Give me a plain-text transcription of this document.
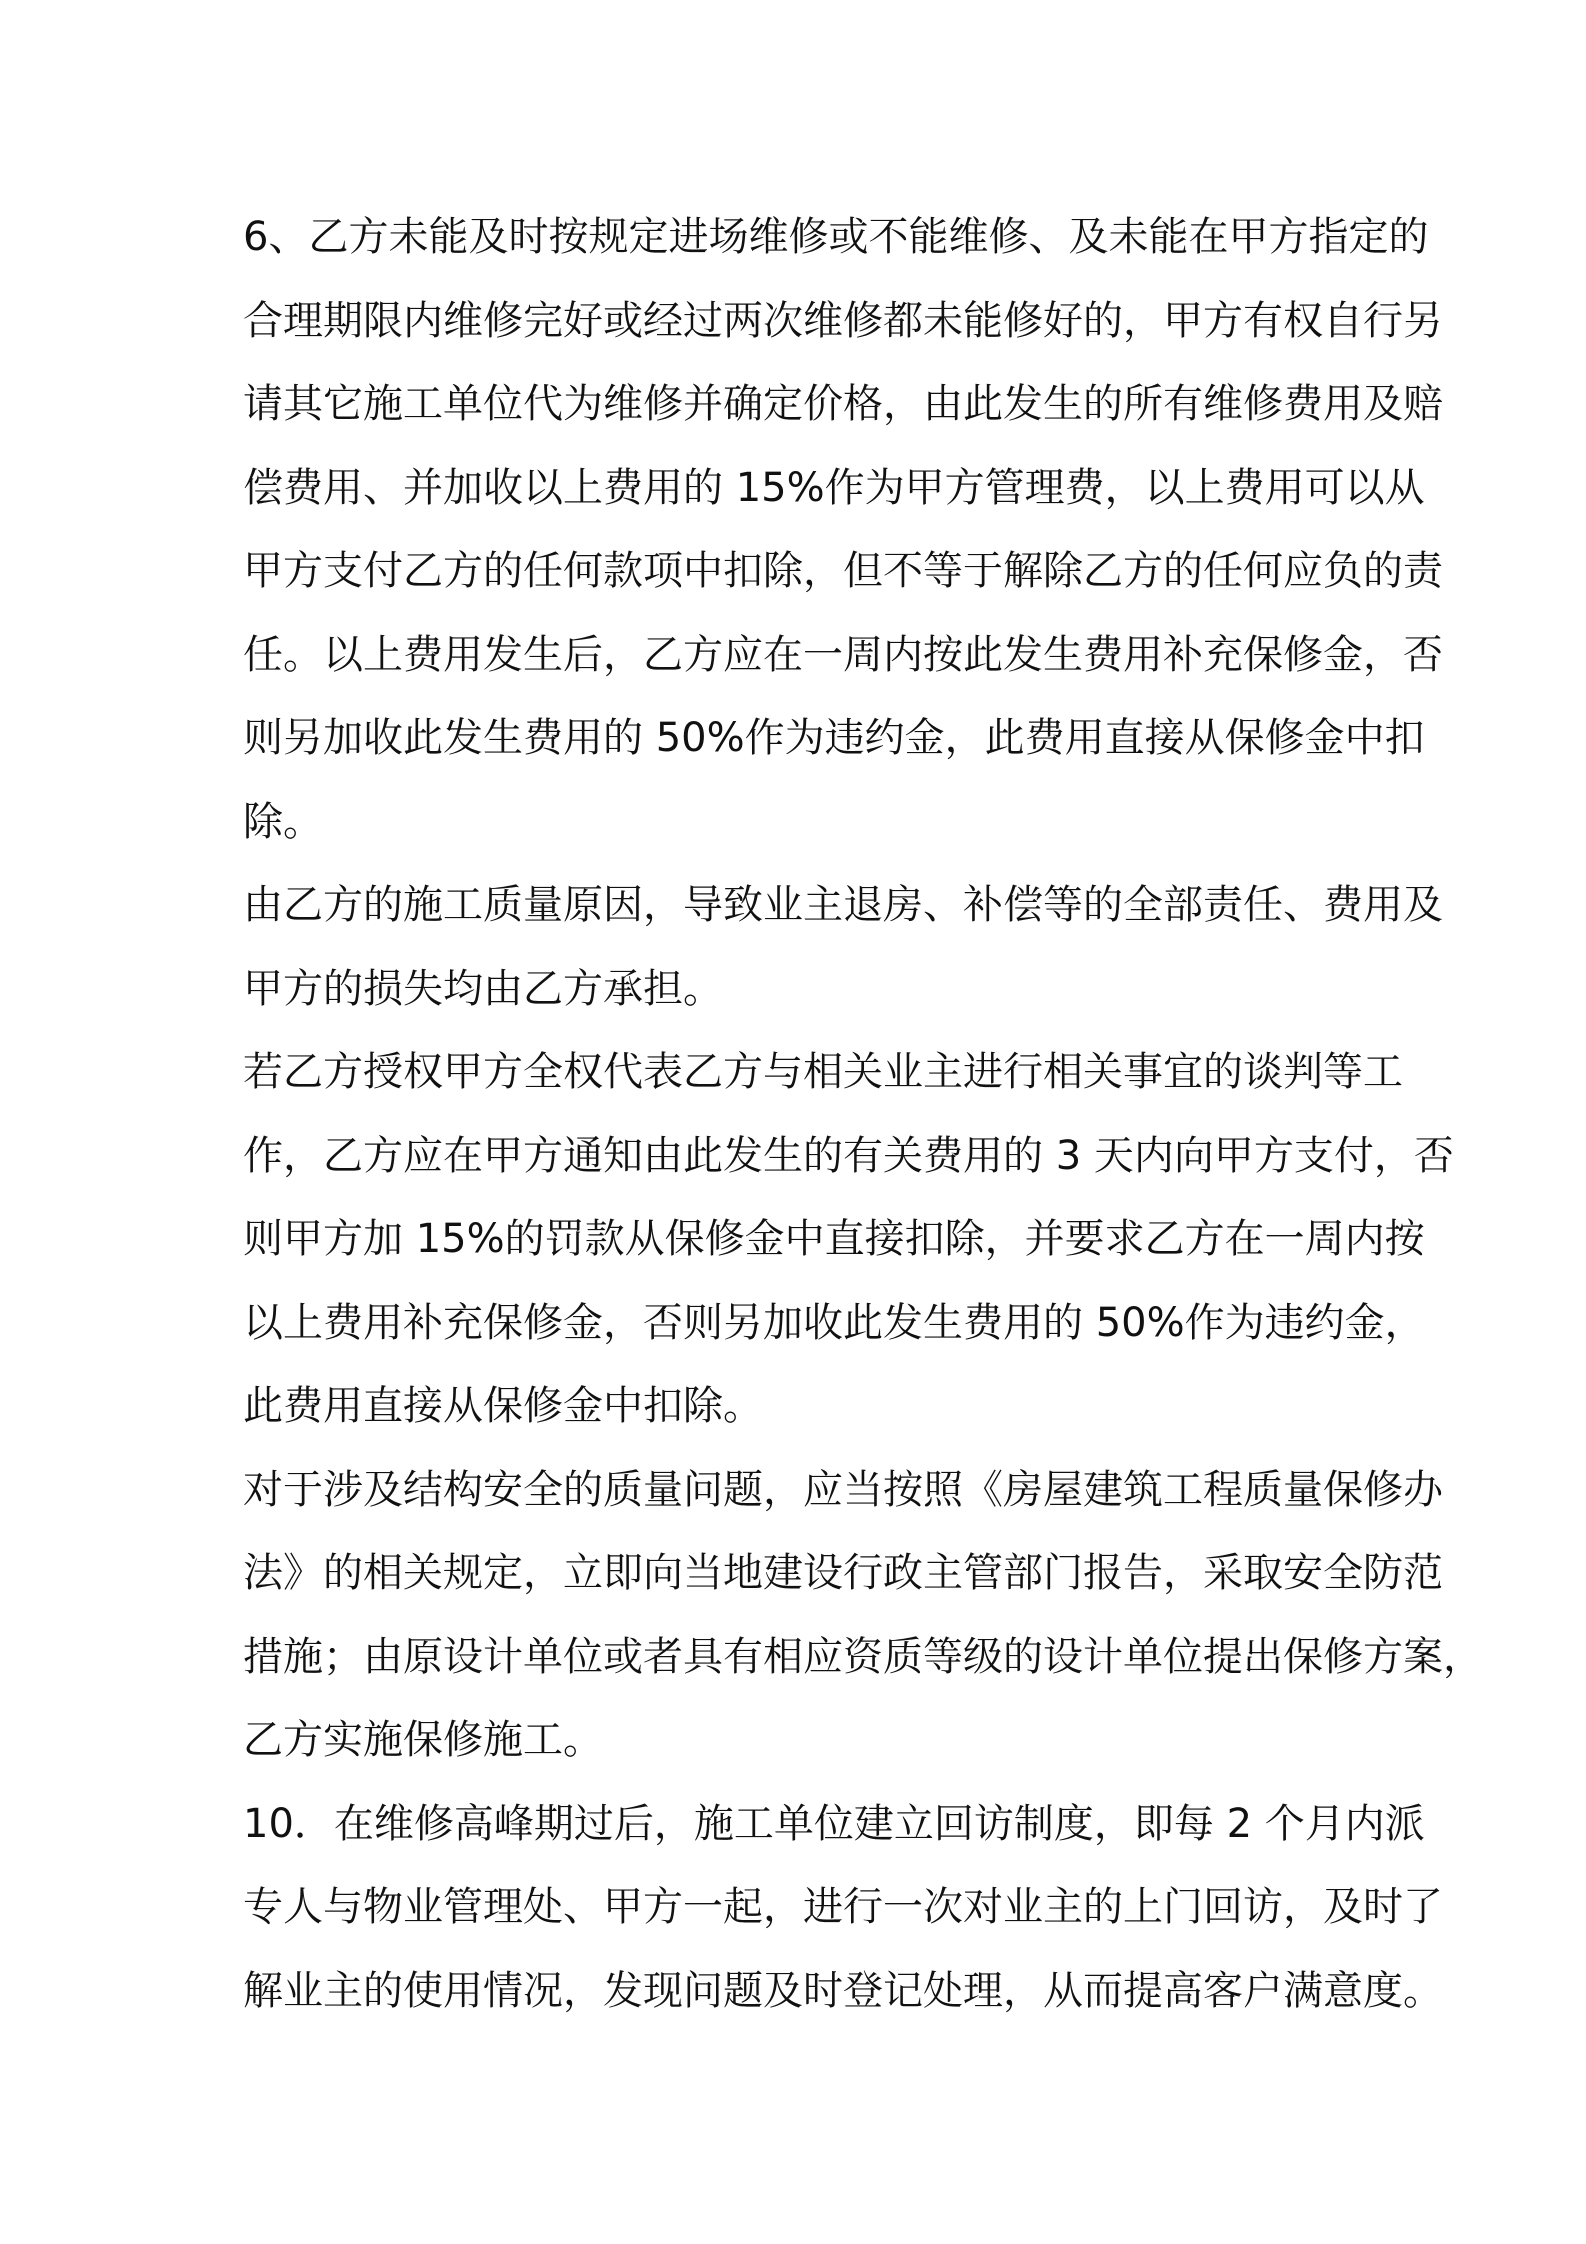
6、乙方未能及时按规定进场维修或不能维修、及未能在甲方指定的
合理期限内维修完好或经过两次维修都未能修好的，甲方有权自行另
请其它施工单位代为维修并确定价格，由此发生的所有维修费用及赔
偿费用、并加收以上费用的 15%作为甲方管理费，以上费用可以从
甲方支付乙方的任何款项中扣除，但不等于解除乙方的任何应负的责
任。以上费用发生后，乙方应在一周内按此发生费用补充保修金，否
则另加收此发生费用的 50%作为违约金，此费用直接从保修金中扣
除。
由乙方的施工质量原因，导致业主退房、补偿等的全部责任、费用及
甲方的损失均由乙方承担。
若乙方授权甲方全权代表乙方与相关业主进行相关事宜的谈判等工
作，乙方应在甲方通知由此发生的有关费用的 3 天内向甲方支付，否
则甲方加 15%的罚款从保修金中直接扣除，并要求乙方在一周内按
以上费用补充保修金，否则另加收此发生费用的 50%作为违约金，
此费用直接从保修金中扣除。
对于涉及结构安全的质量问题，应当按照《房屋建筑工程质量保修办
法》的相关规定，立即向当地建设行政主管部门报告，采取安全防范
措施；由原设计单位或者具有相应资质等级的设计单位提出保修方案，
乙方实施保修施工。
10．在维修高峰期过后，施工单位建立回访制度，即每 2 个月内派
专人与物业管理处、甲方一起，进行一次对业主的上门回访，及时了
解业主的使用情况，发现问题及时登记处理，从而提高客户满意度。
